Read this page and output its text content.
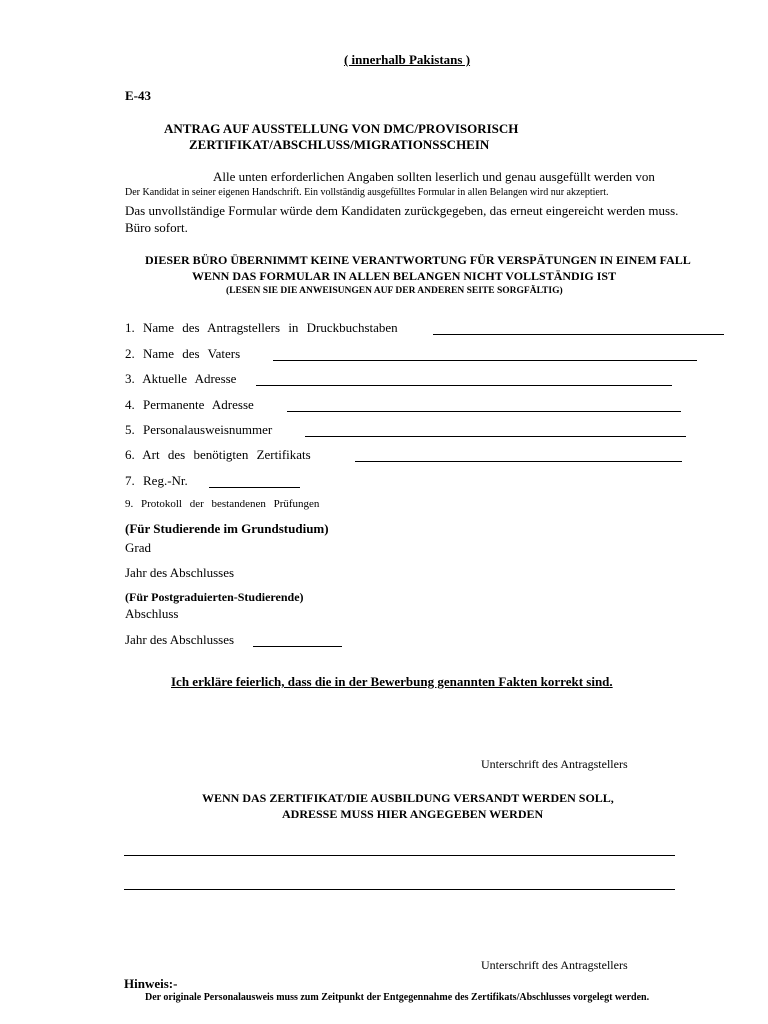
( innerhalb Pakistans )
E-43
ANTRAG AUF AUSSTELLUNG VON DMC/PROVISORISCH
ZERTIFIKAT/ABSCHLUSS/MIGRATIONSSCHEIN
Alle unten erforderlichen Angaben sollten leserlich und genau ausgefüllt werden von
Der Kandidat in seiner eigenen Handschrift. Ein vollständig ausgefülltes Formular in allen Belangen wird nur akzeptiert.
Das unvollständige Formular würde dem Kandidaten zurückgegeben, das erneut eingereicht werden muss.
Büro sofort.
DIESER BÜRO ÜBERNIMMT KEINE VERANTWORTUNG FÜR VERSPÄTUNGEN IN EINEM FALL
WENN DAS FORMULAR IN ALLEN BELANGEN NICHT VOLLSTÄNDIG IST
(LESEN SIE DIE ANWEISUNGEN AUF DER ANDEREN SEITE SORGFÄLTIG)
1. Name des Antragstellers in Druckbuchstaben
2. Name des Vaters
3. Aktuelle Adresse
4. Permanente Adresse
5. Personalausweisnummer
6. Art des benötigten Zertifikats
7. Reg.-Nr.
9. Protokoll der bestandenen Prüfungen
(Für Studierende im Grundstudium)
Grad
Jahr des Abschlusses
(Für Postgraduierten-Studierende)
Abschluss
Jahr des Abschlusses
Ich erkläre feierlich, dass die in der Bewerbung genannten Fakten korrekt sind.
Unterschrift des Antragstellers
WENN DAS ZERTIFIKAT/DIE AUSBILDUNG VERSANDT WERDEN SOLL,
ADRESSE MUSS HIER ANGEGEBEN WERDEN
Unterschrift des Antragstellers
Hinweis:-
Der originale Personalausweis muss zum Zeitpunkt der Entgegennahme des Zertifikats/Abschlusses vorgelegt werden.
